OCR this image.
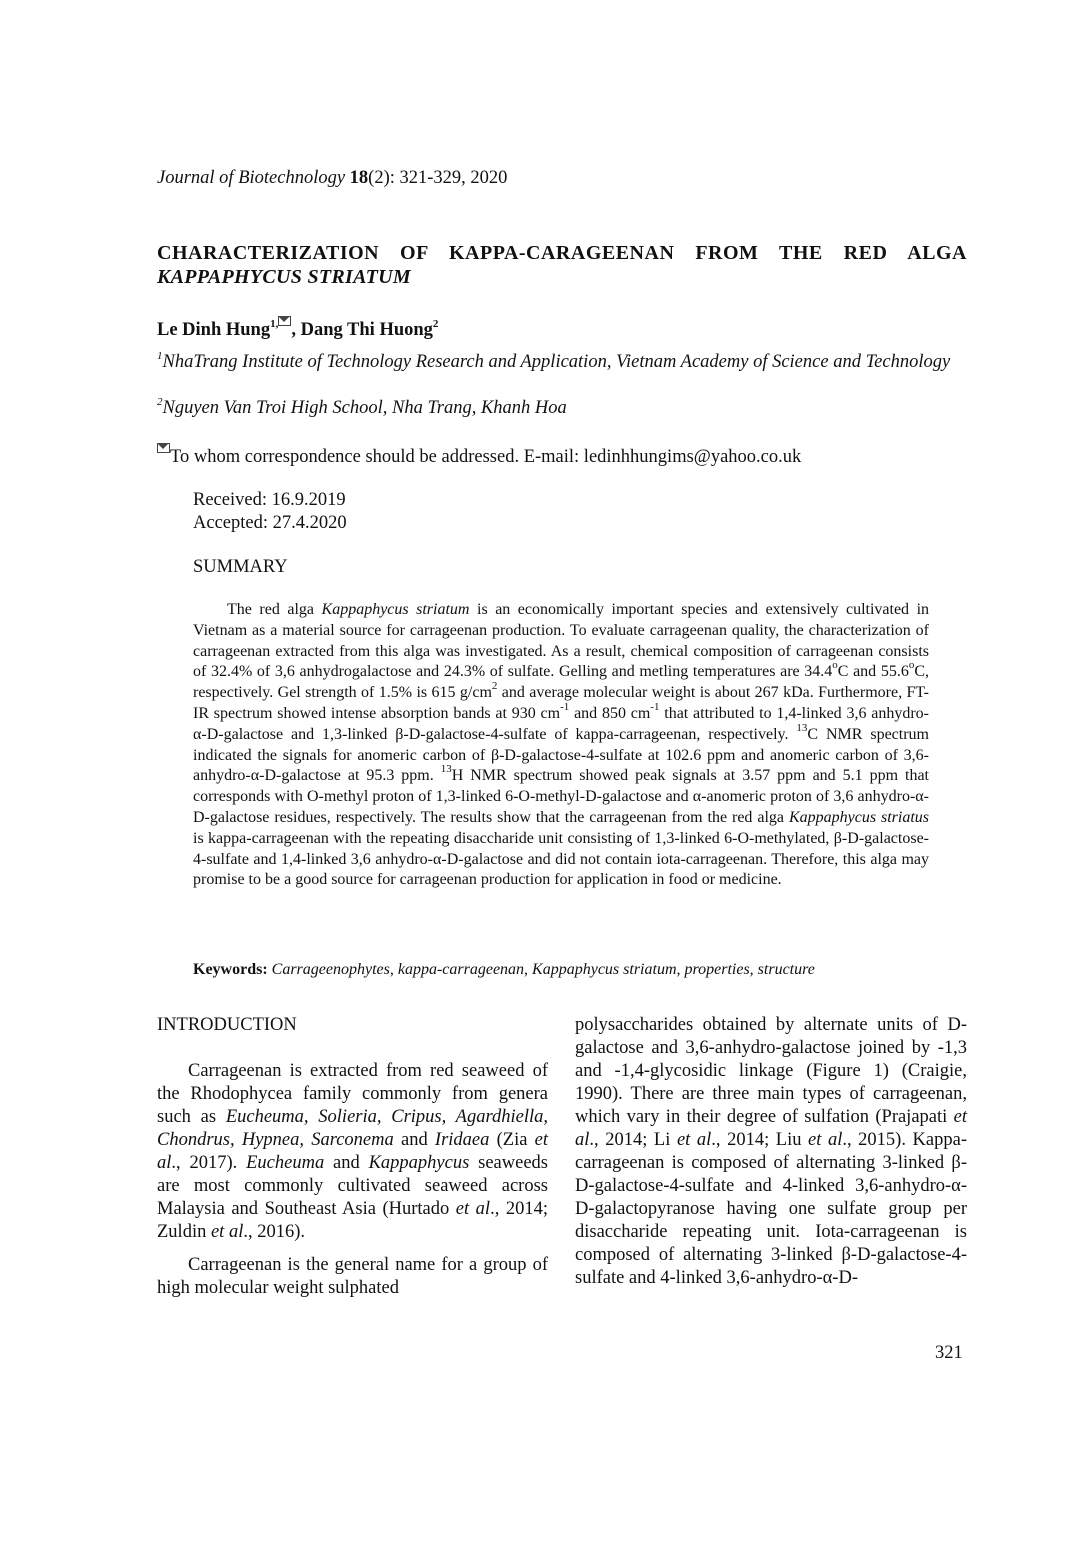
Journal of Biotechnology 18(2): 321-329, 2020
CHARACTERIZATION OF KAPPA-CARAGEENAN FROM THE RED ALGA
KAPPAPHYCUS STRIATUM
Le Dinh Hung$^{1,}$ , Dang Thi Huong$^2$
$^1$NhaTrang Institute of Technology Research and Application, Vietnam Academy of Science and Technology
$^2$Nguyen Van Troi High School, Nha Trang, Khanh Hoa
To whom correspondence should be addressed. E-mail: ledinhhungims@yahoo.co.uk
Received: 16.9.2019
Accepted: 27.4.2020
SUMMARY

The red alga Kappaphycus striatum is an economically important species and extensively cultivated in Vietnam as a material source for carrageenan production. To evaluate carrageenan quality, the characterization of carrageenan extracted from this alga was investigated. As a result, chemical composition of carrageenan consists of 32.4% of 3,6 anhydrogalactose and 24.3% of sulfate. Gelling and metling temperatures are 34.4$^o$C and 55.6$^o$C, respectively. Gel strength of 1.5% is 615 $g/cm^2$ and average molecular weight is about 267 kDa. Furthermore, FT-IR spectrum showed intense absorption bands at 930 $cm^{-1}$ and 850 $cm^{-1}$ that attributed to 1,4-linked 3,6 anhydro-α-D-galactose and 1,3-linked β-D-galactose-4-sulfate of kappa-carrageenan, respectively. $^{13}$C NMR spectrum indicated the signals for anomeric carbon of β-D-galactose-4-sulfate at 102.6 ppm and anomeric carbon of 3,6-anhydro-α-D-galactose at 95.3 ppm. $^{13}$H NMR spectrum showed peak signals at 3.57 ppm and 5.1 ppm that corresponds with O-methyl proton of 1,3-linked 6-O-methyl-D-galactose and α-anomeric proton of 3,6 anhydro-α-D-galactose residues, respectively. The results show that the carrageenan from the red alga Kappaphycus striatus is kappa-carrageenan with the repeating disaccharide unit consisting of 1,3-linked 6-O-methylated, β-D-galactose-4-sulfate and 1,4-linked 3,6 anhydro-α-D-galactose and did not contain iota-carrageenan. Therefore, this alga may promise to be a good source for carrageenan production for application in food or medicine.

Keywords: Carrageenophytes, kappa-carrageenan, Kappaphycus striatum, properties, structure

INTRODUCTION

Carrageenan is extracted from red seaweed of the Rhodophycea family commonly from genera such as Eucheuma, Solieria, Cripus, Agardhiella, Chondrus, Hypnea, Sarconema and Iridaea (Zia et al., 2017). Eucheuma and Kappaphycus seaweeds are most commonly cultivated seaweed across Malaysia and Southeast Asia (Hurtado et al., 2014; Zuldin et al., 2016).

Carrageenan is the general name for a group of high molecular weight sulphated

polysaccharides obtained by alternate units of D-galactose and 3,6-anhydro-galactose joined by -1,3 and -1,4-glycosidic linkage (Figure 1) (Craigie, 1990). There are three main types of carrageenan, which vary in their degree of sulfation (Prajapati et al., 2014; Li et al., 2014; Liu et al., 2015). Kappa-carrageenan is composed of alternating 3-linked β-D-galactose-4-sulfate and 4-linked 3,6-anhydro-α-D-galactopyranose having one sulfate group per disaccharide repeating unit. Iota-carrageenan is composed of alternating 3-linked β-D-galactose-4-sulfate and 4-linked 3,6-anhydro-α-D-

321
